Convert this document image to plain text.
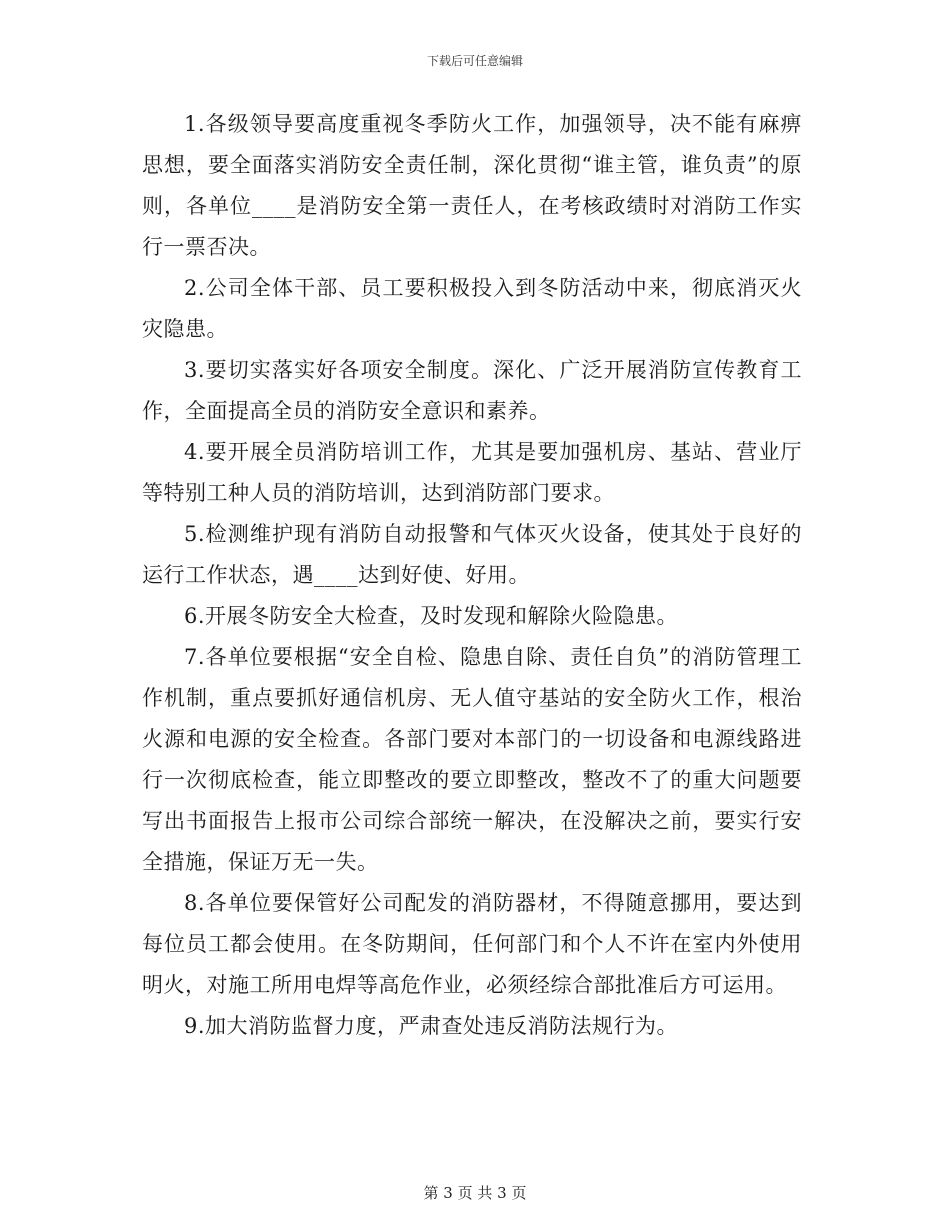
下载后可任意编辑

1.各级领导要高度重视冬季防火工作，加强领导，决不能有麻痹思想，要全面落实消防安全责任制，深化贯彻“谁主管，谁负责”的原则，各单位____是消防安全第一责任人，在考核政绩时对消防工作实行一票否决。

2.公司全体干部、员工要积极投入到冬防活动中来，彻底消灭火灾隐患。

3.要切实落实好各项安全制度。深化、广泛开展消防宣传教育工作，全面提高全员的消防安全意识和素养。

4.要开展全员消防培训工作，尤其是要加强机房、基站、营业厅等特别工种人员的消防培训，达到消防部门要求。

5.检测维护现有消防自动报警和气体灭火设备，使其处于良好的运行工作状态，遇____达到好使、好用。

6.开展冬防安全大检查，及时发现和解除火险隐患。

7.各单位要根据“安全自检、隐患自除、责任自负”的消防管理工作机制，重点要抓好通信机房、无人值守基站的安全防火工作，根治火源和电源的安全检查。各部门要对本部门的一切设备和电源线路进行一次彻底检查，能立即整改的要立即整改，整改不了的重大问题要写出书面报告上报市公司综合部统一解决，在没解决之前，要实行安全措施，保证万无一失。

8.各单位要保管好公司配发的消防器材，不得随意挪用，要达到每位员工都会使用。在冬防期间，任何部门和个人不许在室内外使用明火，对施工所用电焊等高危作业，必须经综合部批准后方可运用。

9.加大消防监督力度，严肃查处违反消防法规行为。

第 3 页 共 3 页
